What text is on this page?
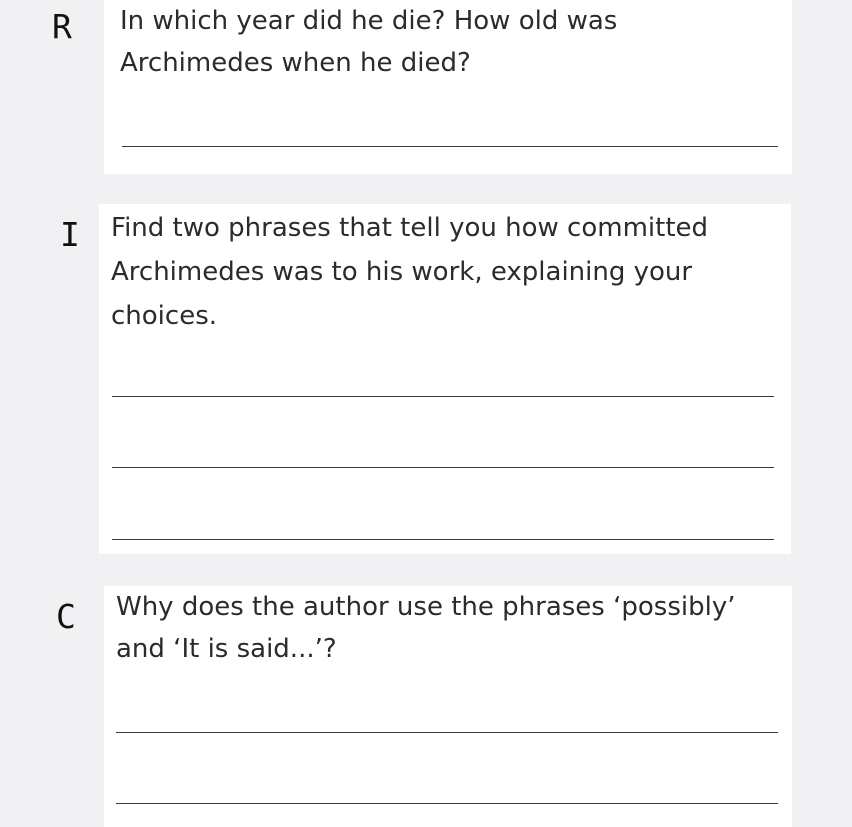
R In which year did he die? How old was
Archimedes when he died?

I Find two phrases that tell you how committed
Archimedes was to his work, explaining your
choices.

C Why does the author use the phrases ‘possibly’
and ‘It is said...’?
